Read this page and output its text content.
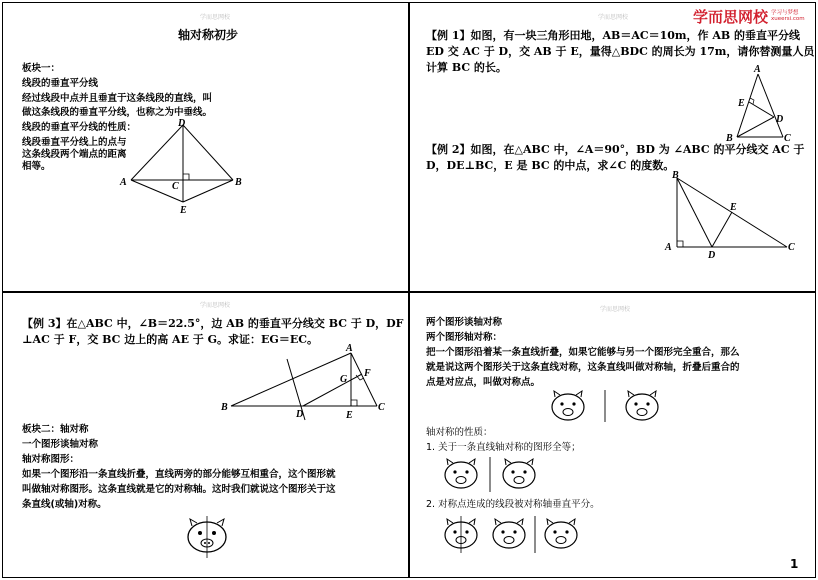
学而思网校	学而思网校
学而思网校
学而思网校
学而思网校 学习与梦想
xueersi.com
轴对称初步
板块一：
线段的垂直平分线
经过线段中点并且垂直于这条线段的直线，叫
做这条线段的垂直平分线，也称之为中垂线。
线段的垂直平分线的性质：
线段垂直平分线上的点与
这条线段两个端点的距离
相等。
D
A	B
C
E
【例 1】如图，有一块三角形田地，AB＝AC＝10m，作 AB 的垂直平分线
ED 交 AC 于 D，交 AB 于 E，量得△BDC 的周长为 17m，请你替测量人员
计算 BC 的长。	A
E
D
B	C
【例 2】如图，在△ABC 中，∠A＝90°，BD 为 ∠ABC 的平分线交 AC 于
D，DE⊥BC，E 是 BC 的中点，求∠C 的度数。
B
E
A
D
C
【例 3】在△ABC 中，∠B＝22.5°，边 AB 的垂直平分线交 BC 于 D，DF
⊥AC 于 F，交 BC 边上的高 AE 于 G。求证：EG＝EC。
A
F
G
B
D	E
C
板块二：轴对称
一个图形谈轴对称
轴对称图形：
如果一个图形沿一条直线折叠，直线两旁的部分能够互相重合，这个图形就
叫做轴对称图形。这条直线就是它的对称轴。这时我们就说这个图形关于这
条直线(或轴)对称。
两个图形谈轴对称
两个图形轴对称：
把一个图形沿着某一条直线折叠，如果它能够与另一个图形完全重合，那么
就是说这两个图形关于这条直线对称，这条直线叫做对称轴，折叠后重合的
点是对应点，叫做对称点。
轴对称的性质：
1. 关于一条直线轴对称的图形全等；
2. 对称点连成的线段被对称轴垂直平分。
1
